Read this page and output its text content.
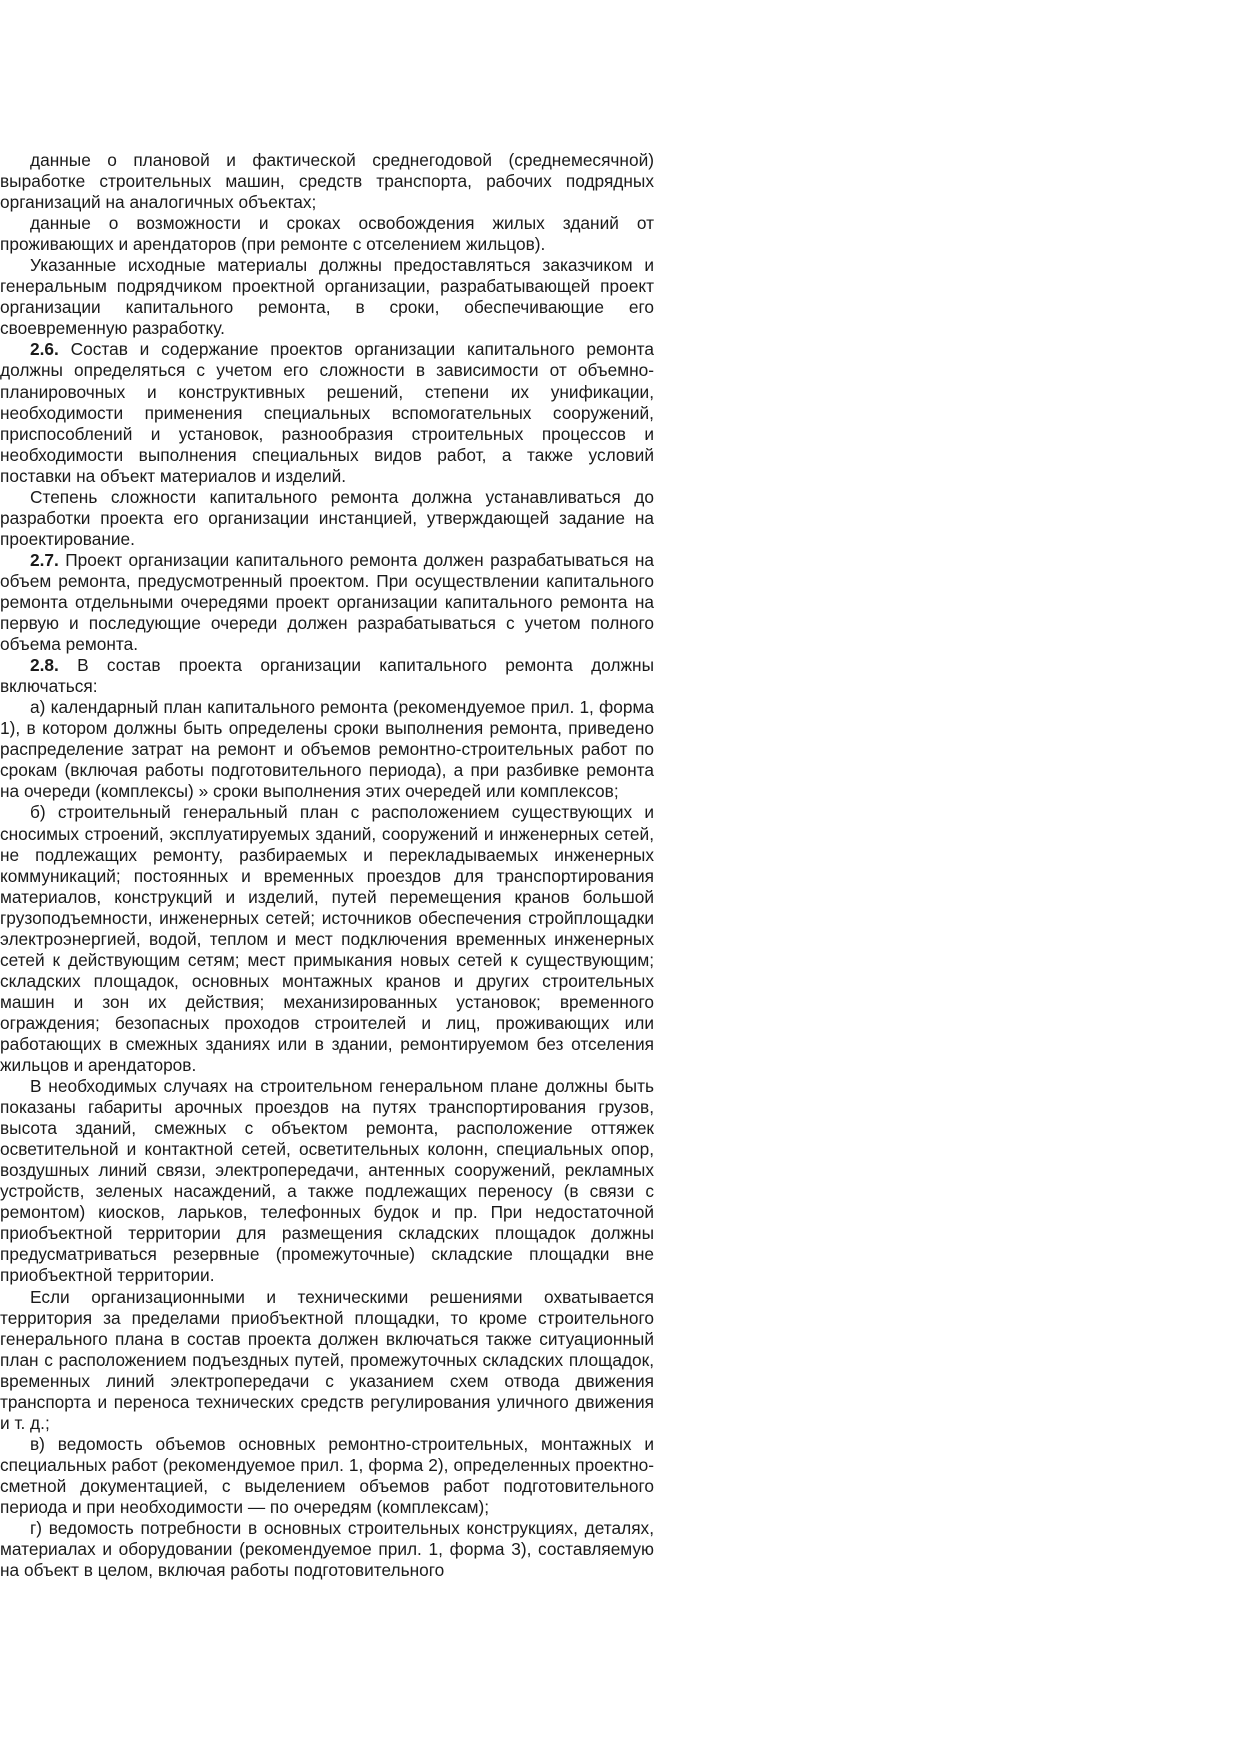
данные о плановой и фактической среднегодовой (среднемесячной) выработке строительных машин, средств транспорта, рабочих подрядных организаций на аналогичных объектах;

данные о возможности и сроках освобождения жилых зданий от проживающих и арендаторов (при ремонте с отселением жильцов).

Указанные исходные материалы должны предоставляться заказчиком и генеральным подрядчиком проектной организации, разрабатывающей проект организации капитального ремонта, в сроки, обеспечивающие его своевременную разработку.

2.6. Состав и содержание проектов организации капитального ремонта должны определяться с учетом его сложности в зависимости от объемно-планировочных и конструктивных решений, степени их унификации, необходимости применения специальных вспомогательных сооружений, приспособлений и установок, разнообразия строительных процессов и необходимости выполнения специальных видов работ, а также условий поставки на объект материалов и изделий.

Степень сложности капитального ремонта должна устанавливаться до разработки проекта его организации инстанцией, утверждающей задание на проектирование.

2.7. Проект организации капитального ремонта должен разрабатываться на объем ремонта, предусмотренный проектом. При осуществлении капитального ремонта отдельными очередями проект организации капитального ремонта на первую и последующие очереди должен разрабатываться с учетом полного объема ремонта.

2.8. В состав проекта организации капитального ремонта должны включаться:

а) календарный план капитального ремонта (рекомендуемое прил. 1, форма 1), в котором должны быть определены сроки выполнения ремонта, приведено распределение затрат на ремонт и объемов ремонтно-строительных работ по срокам (включая работы подготовительного периода), а при разбивке ремонта на очереди (комплексы) » сроки выполнения этих очередей или комплексов;

б) строительный генеральный план с расположением существующих и сносимых строений, эксплуатируемых зданий, сооружений и инженерных сетей, не подлежащих ремонту, разбираемых и перекладываемых инженерных коммуникаций; постоянных и временных проездов для транспортирования материалов, конструкций и изделий, путей перемещения кранов большой грузоподъемности, инженерных сетей; источников обеспечения стройплощадки электроэнергией, водой, теплом и мест подключения временных инженерных сетей к действующим сетям; мест примыкания новых сетей к существующим; складских площадок, основных монтажных кранов и других строительных машин и зон их действия; механизированных установок; временного ограждения; безопасных проходов строителей и лиц, проживающих или работающих в смежных зданиях или в здании, ремонтируемом без отселения жильцов и арендаторов.

В необходимых случаях на строительном генеральном плане должны быть показаны габариты арочных проездов на путях транспортирования грузов, высота зданий, смежных с объектом ремонта, расположение оттяжек осветительной и контактной сетей, осветительных колонн, специальных опор, воздушных линий связи, электропередачи, антенных сооружений, рекламных устройств, зеленых насаждений, а также подлежащих переносу (в связи с ремонтом) киосков, ларьков, телефонных будок и пр. При недостаточной приобъектной территории для размещения складских площадок должны предусматриваться резервные (промежуточные) складские площадки вне приобъектной территории.

Если организационными и техническими решениями охватывается территория за пределами приобъектной площадки, то кроме строительного генерального плана в состав проекта должен включаться также ситуационный план с расположением подъездных путей, промежуточных складских площадок, временных линий электропередачи с указанием схем отвода движения транспорта и переноса технических средств регулирования уличного движения и т. д.;

в) ведомость объемов основных ремонтно-строительных, монтажных и специальных работ (рекомендуемое прил. 1, форма 2), определенных проектно-сметной документацией, с выделением объемов работ подготовительного периода и при необходимости — по очередям (комплексам);

г) ведомость потребности в основных строительных конструкциях, деталях, материалах и оборудовании (рекомендуемое прил. 1, форма 3), составляемую на объект в целом, включая работы подготовительного
